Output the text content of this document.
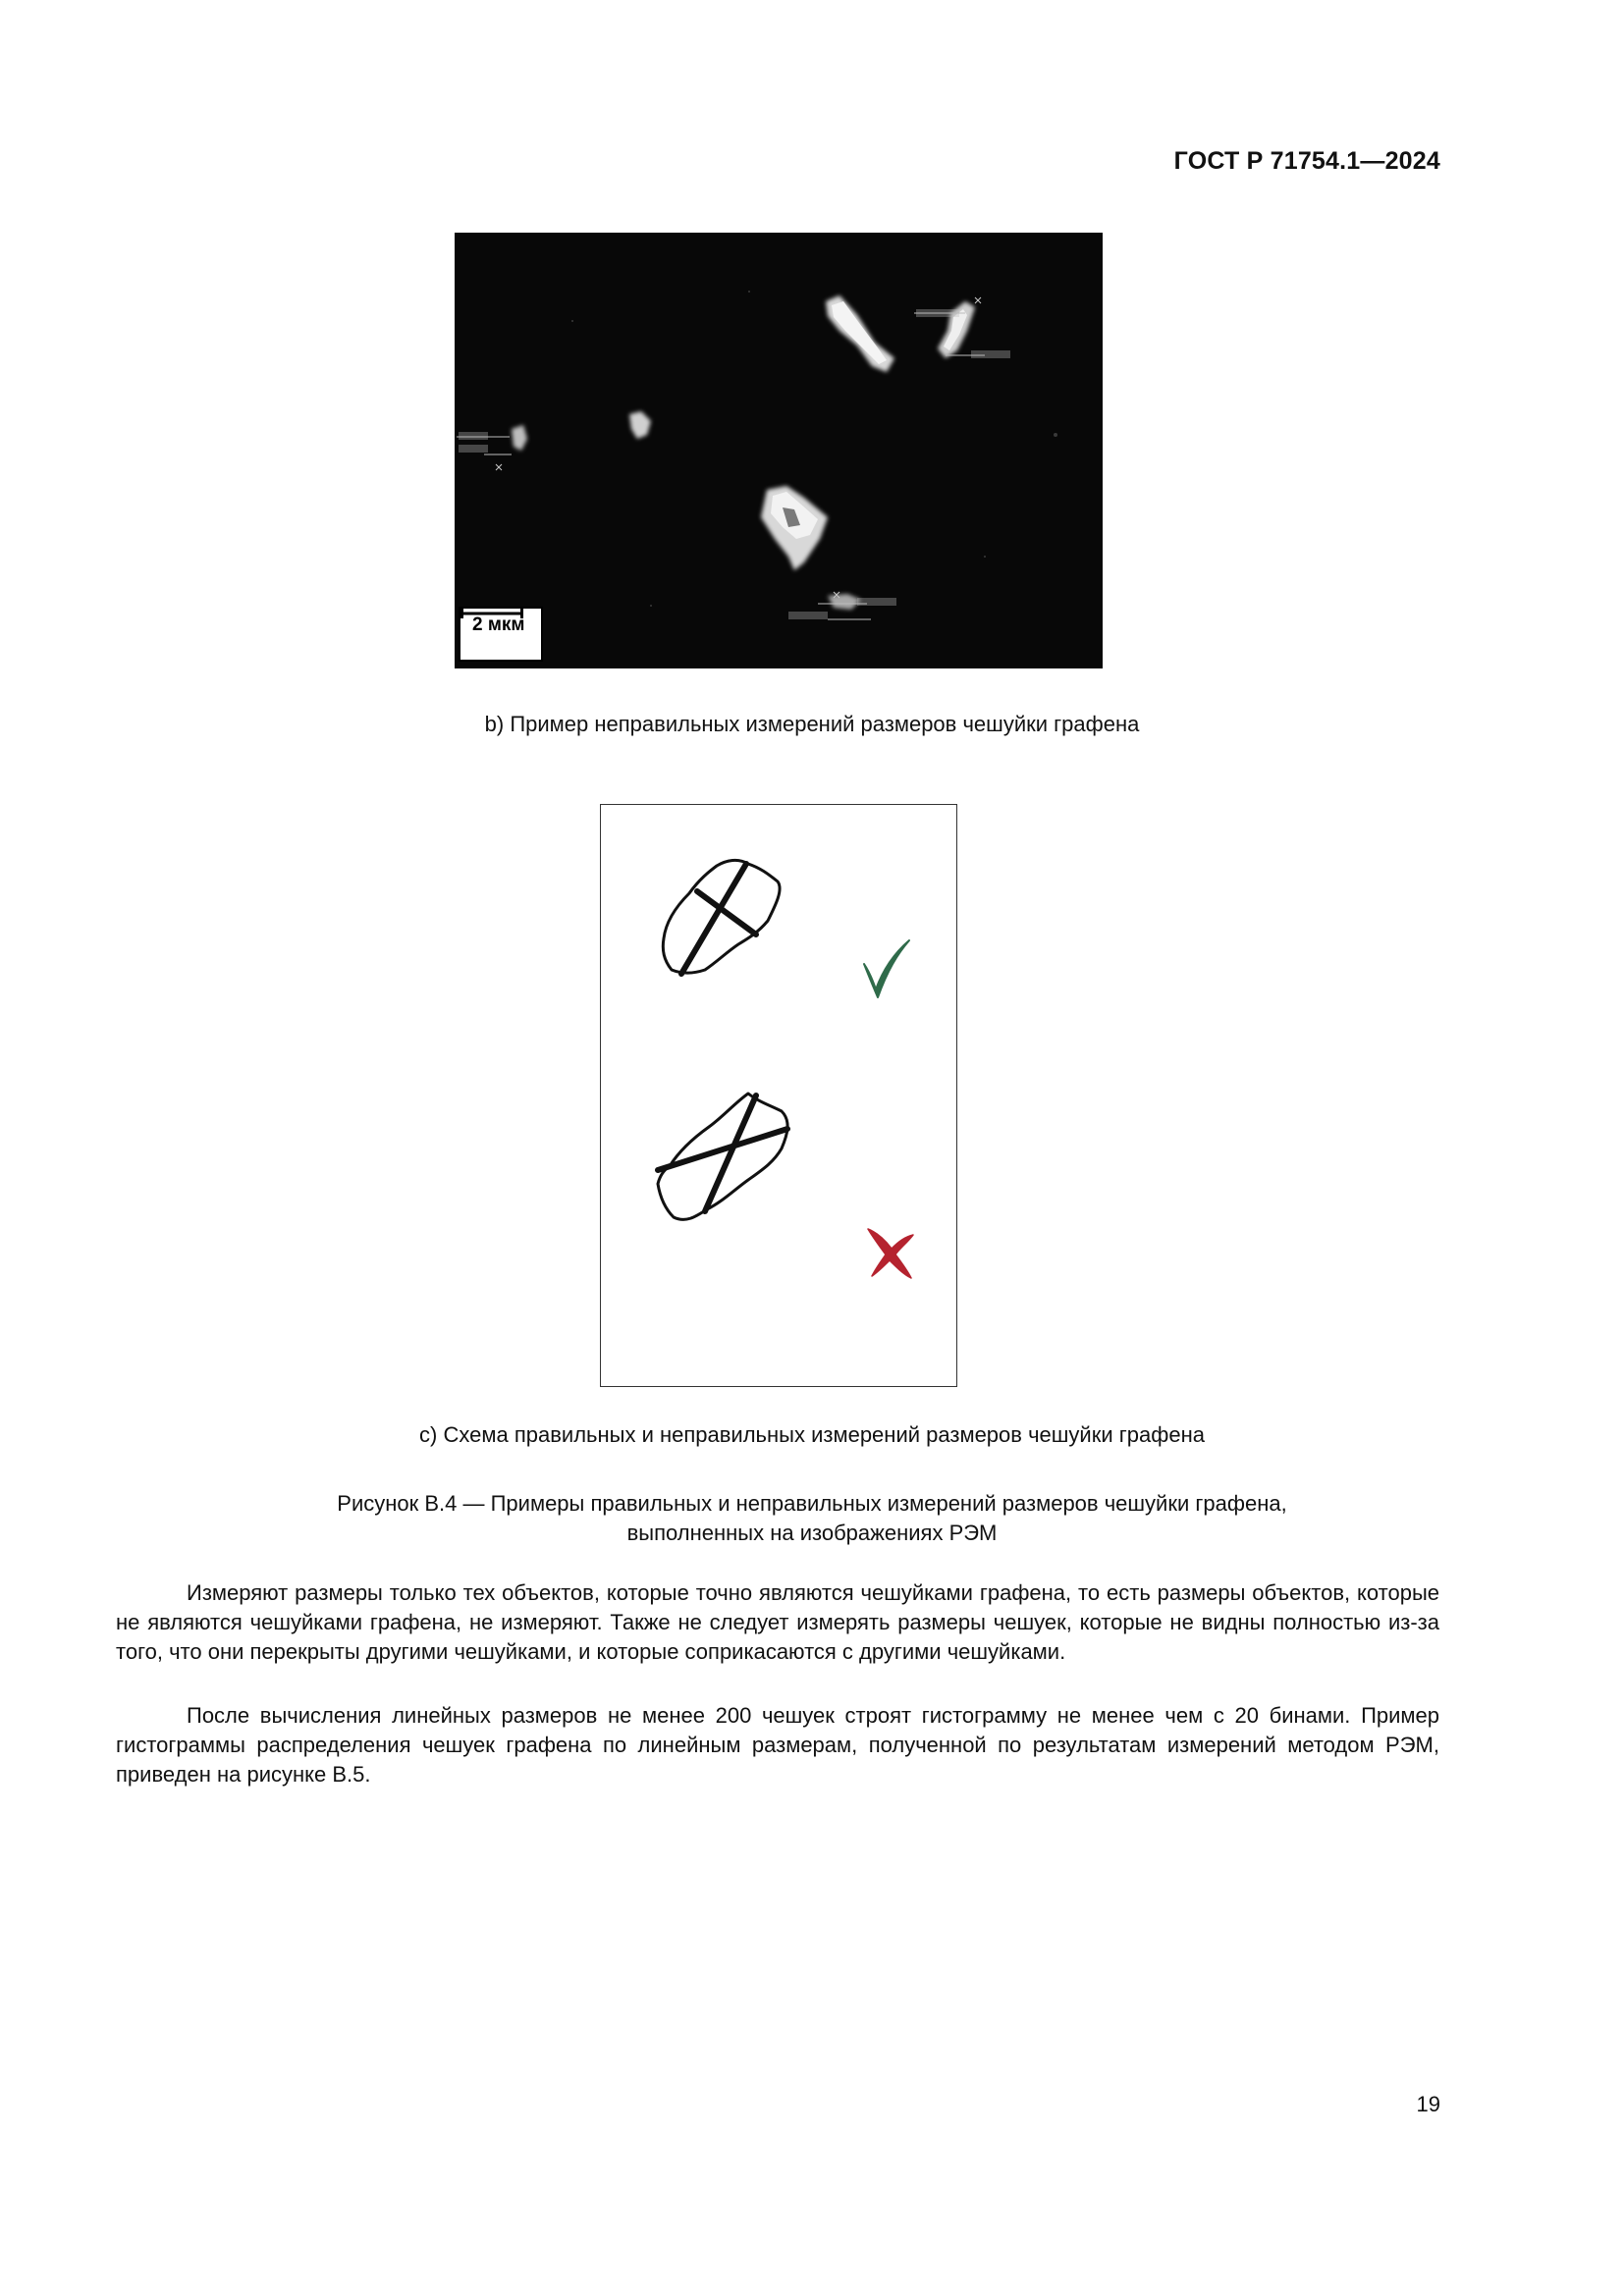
ГОСТ Р 71754.1—2024
2 мкм
b) Пример неправильных измерений размеров чешуйки графена
c) Схема правильных и неправильных измерений размеров чешуйки графена
Рисунок В.4 — Примеры правильных и неправильных измерений размеров чешуйки графена,
выполненных на изображениях РЭМ
Измеряют размеры только тех объектов, которые точно являются чешуйками графена, то есть размеры объектов, которые не являются чешуйками графена, не измеряют. Также не следует измерять размеры чешуек, которые не видны полностью из-за того, что они перекрыты другими чешуйками, и которые соприкасаются с другими чешуйками.
После вычисления линейных размеров не менее 200 чешуек строят гистограмму не менее чем с 20 бинами. Пример гистограммы распределения чешуек графена по линейным размерам, полученной по результатам измерений методом РЭМ, приведен на рисунке В.5.
19
